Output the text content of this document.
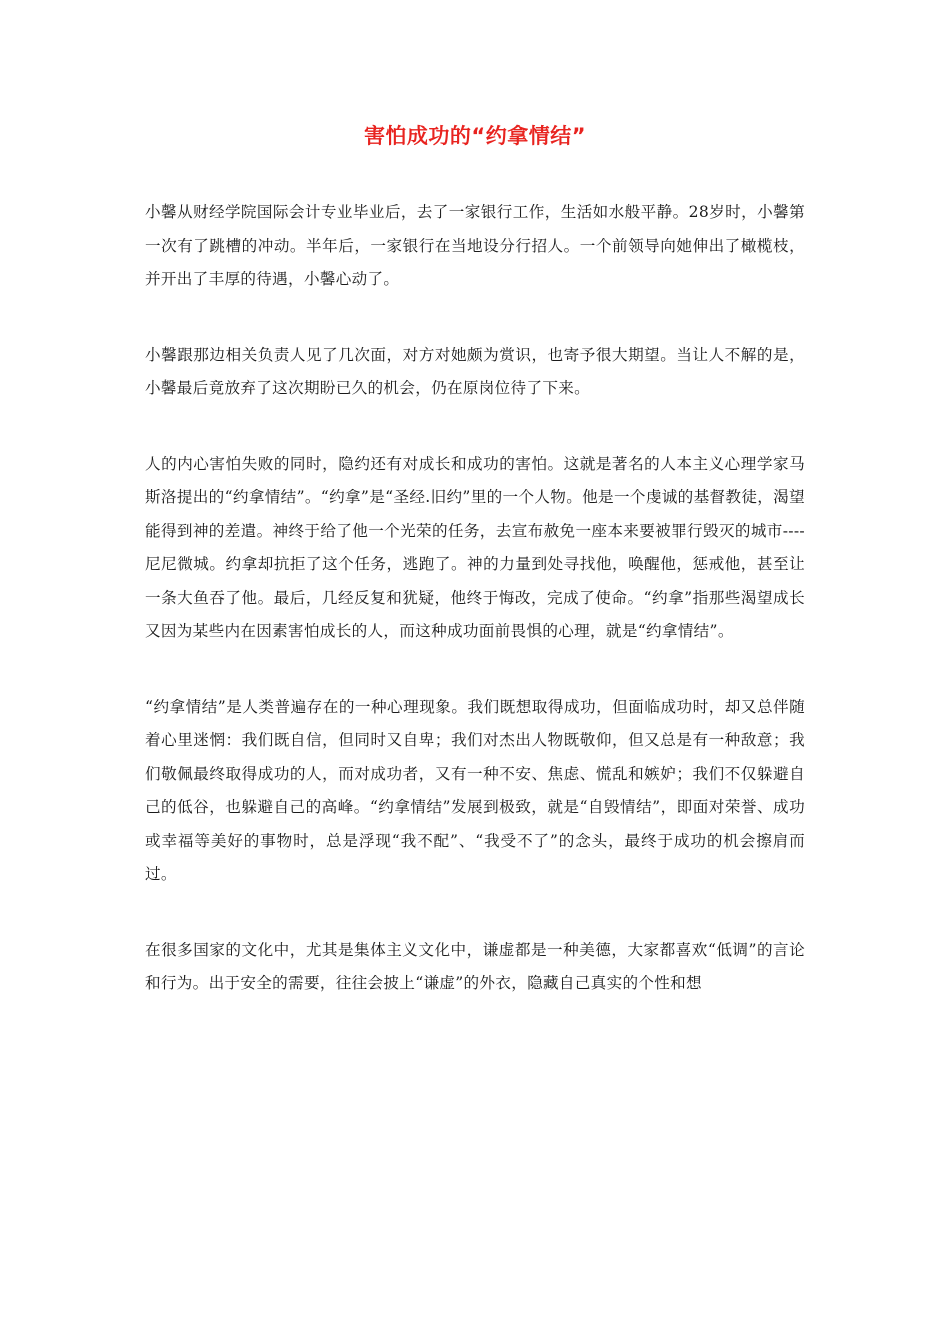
害怕成功的“约拿情结”

小馨从财经学院国际会计专业毕业后，去了一家银行工作，生活如水般平静。28岁时，小馨第一次有了跳槽的冲动。半年后，一家银行在当地设分行招人。一个前领导向她伸出了橄榄枝，并开出了丰厚的待遇，小馨心动了。

小馨跟那边相关负责人见了几次面，对方对她颇为赏识，也寄予很大期望。当让人不解的是，小馨最后竟放弃了这次期盼已久的机会，仍在原岗位待了下来。

人的内心害怕失败的同时，隐约还有对成长和成功的害怕。这就是著名的人本主义心理学家马斯洛提出的“约拿情结”。“约拿”是“圣经.旧约”里的一个人物。他是一个虔诚的基督教徒，渴望能得到神的差遣。神终于给了他一个光荣的任务，去宣布赦免一座本来要被罪行毁灭的城市----尼尼微城。约拿却抗拒了这个任务，逃跑了。神的力量到处寻找他，唤醒他，惩戒他，甚至让一条大鱼吞了他。最后，几经反复和犹疑，他终于悔改，完成了使命。“约拿”指那些渴望成长又因为某些内在因素害怕成长的人，而这种成功面前畏惧的心理，就是“约拿情结”。

“约拿情结”是人类普遍存在的一种心理现象。我们既想取得成功，但面临成功时，却又总伴随着心里迷惘：我们既自信，但同时又自卑；我们对杰出人物既敬仰，但又总是有一种敌意；我们敬佩最终取得成功的人，而对成功者，又有一种不安、焦虑、慌乱和嫉妒；我们不仅躲避自己的低谷，也躲避自己的高峰。“约拿情结”发展到极致，就是“自毁情结”，即面对荣誉、成功或幸福等美好的事物时，总是浮现“我不配”、“我受不了”的念头，最终于成功的机会擦肩而过。

在很多国家的文化中，尤其是集体主义文化中，谦虚都是一种美德，大家都喜欢“低调”的言论和行为。出于安全的需要，往往会披上“谦虚”的外衣，隐藏自己真实的个性和想
